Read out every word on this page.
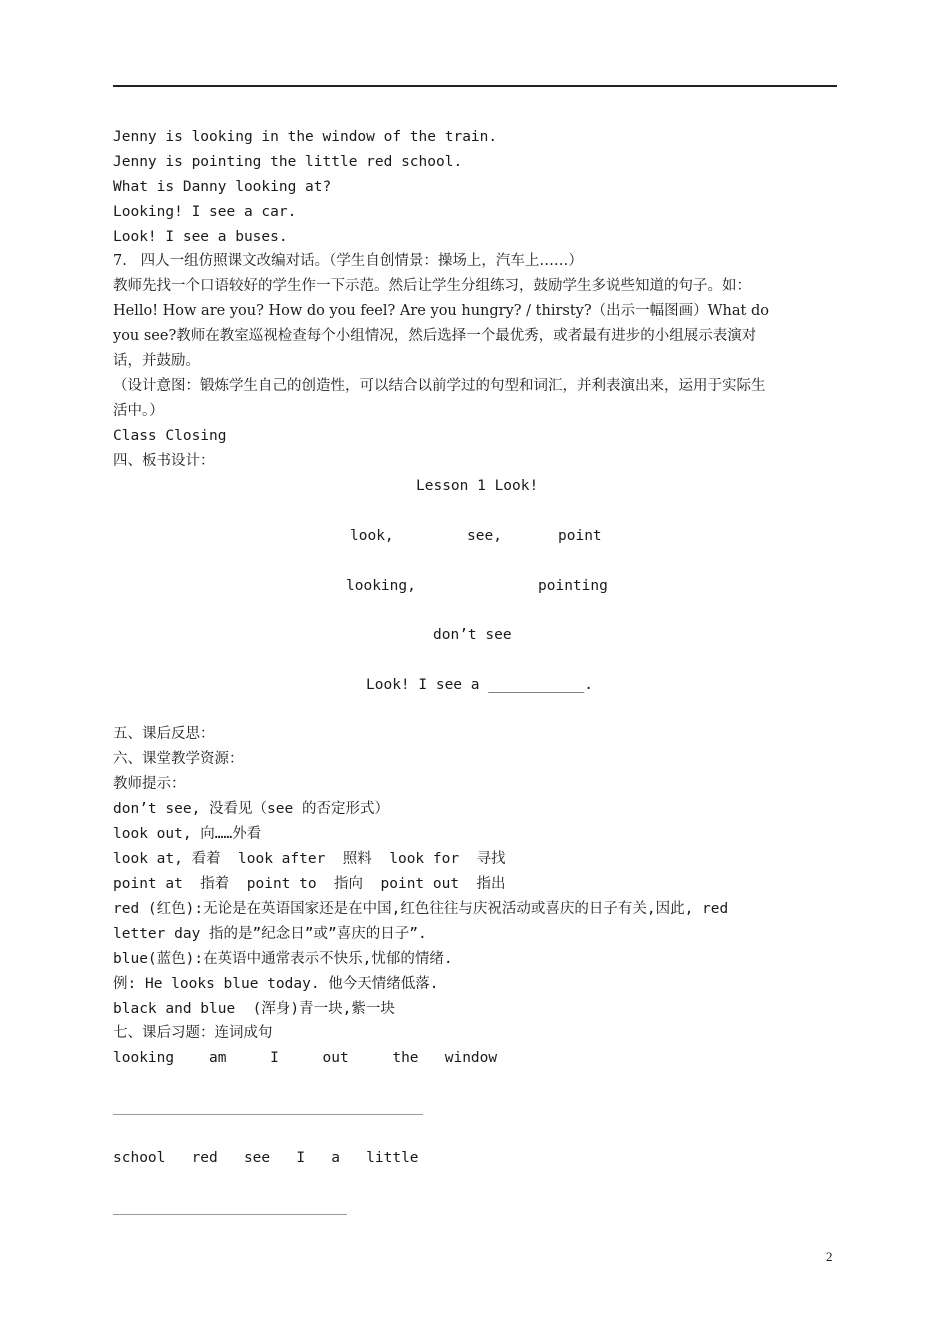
Jenny is looking in the window of the train.
Jenny is pointing the little red school.
What is Danny looking at?
Looking! I see a car.
Look! I see a buses.
7.   四人一组仿照课文改编对话。（学生自创情景：操场上，汽车上……）
教师先找一个口语较好的学生作一下示范。然后让学生分组练习，鼓励学生多说些知道的句子。如：
Hello! How are you? How do you feel? Are you hungry? / thirsty?（出示一幅图画）What do
you see?教师在教室巡视检查每个小组情况，然后选择一个最优秀，或者最有进步的小组展示表演对
话，并鼓励。
（设计意图：锻炼学生自己的创造性，可以结合以前学过的句型和词汇，并利表演出来，运用于实际生
活中。）
Class Closing
四、板书设计：
Lesson 1 Look!
look,	see,	point
looking,	pointing
don’t see
Look! I see a ___________.
五、课后反思：
六、课堂教学资源：
教师提示：
don’t see, 没看见（see 的否定形式）
look out, 向……外看
look at, 看着  look after  照料  look for  寻找
point at  指着  point to  指向  point out  指出
red (红色):无论是在英语国家还是在中国,红色往往与庆祝活动或喜庆的日子有关,因此, red
letter day 指的是”纪念日”或”喜庆的日子”.
blue(蓝色):在英语中通常表示不快乐,忧郁的情绪.
例: He looks blue today. 他今天情绪低落.
black and blue  (浑身)青一块,紫一块
七、课后习题：连词成句
looking    am     I     out     the   window
school   red   see   I   a   little
2
